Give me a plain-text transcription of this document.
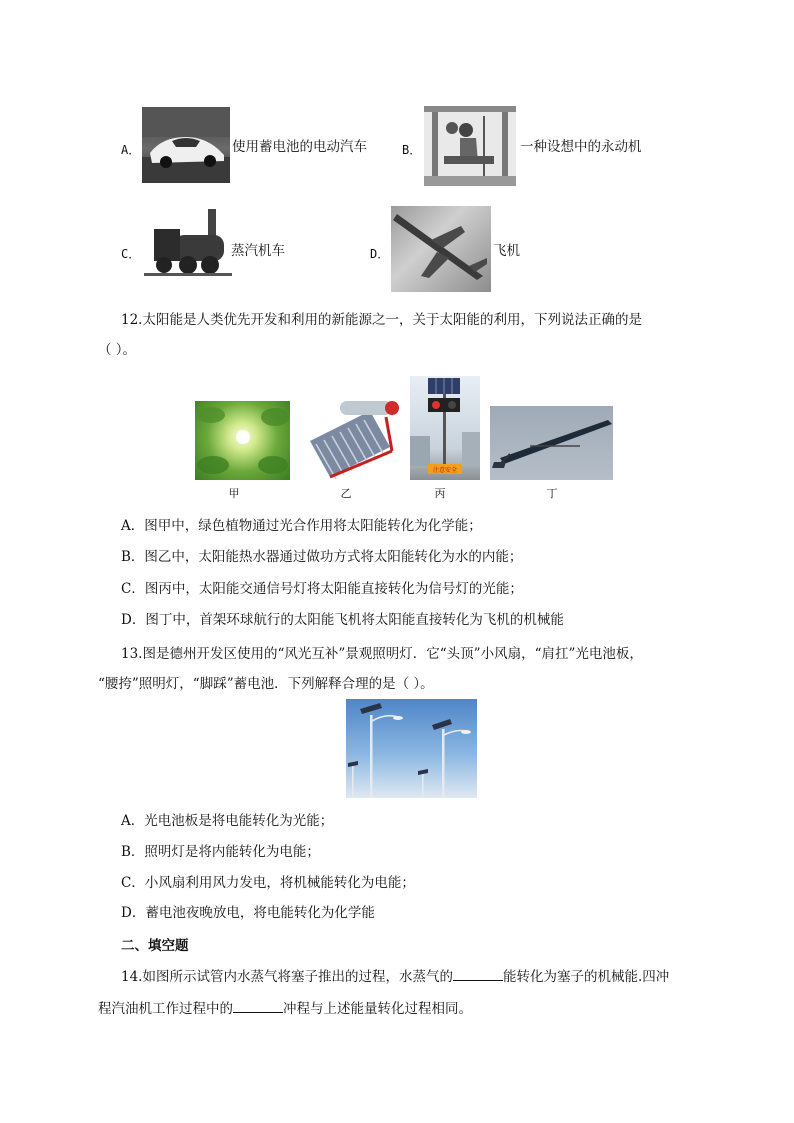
A．	使用蓄电池的电动汽车	B．	一种设想中的永动机
C．	蒸汽机车	D．	飞机
12.太阳能是人类优先开发和利用的新能源之一，关于太阳能的利用，下列说法正确的是
（ ）。
注意安全
甲	乙	丙	丁
A．图甲中，绿色植物通过光合作用将太阳能转化为化学能；
B．图乙中，太阳能热水器通过做功方式将太阳能转化为水的内能；
C．图丙中，太阳能交通信号灯将太阳能直接转化为信号灯的光能；
D．图丁中，首架环球航行的太阳能飞机将太阳能直接转化为飞机的机械能
13.图是德州开发区使用的“风光互补”景观照明灯．它“头顶”小风扇，“肩扛”光电池板，
“腰挎”照明灯，“脚踩”蓄电池．下列解释合理的是（ ）。
A．光电池板是将电能转化为光能；
B．照明灯是将内能转化为电能；
C．小风扇利用风力发电，将机械能转化为电能；
D．蓄电池夜晚放电，将电能转化为化学能
二、填空题
14.如图所示试管内水蒸气将塞子推出的过程，水蒸气的	能转化为塞子的机械能.四冲
程汽油机工作过程中的	冲程与上述能量转化过程相同。
